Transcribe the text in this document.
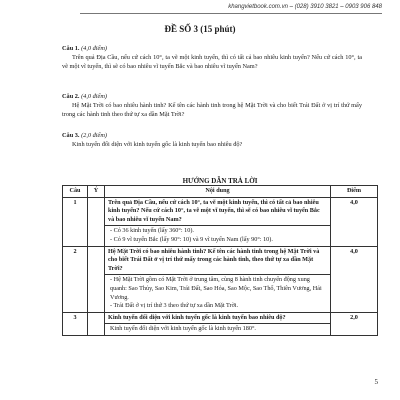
khangvietbook.com.vn – (028) 3910 3821 – 0903 906 848
ĐỀ SỐ 3 (15 phút)
Câu 1. (4,0 điểm)
Trên quả Địa Cầu, nếu cứ cách 10°, ta vẽ một kinh tuyến, thì có tất cả bao nhiêu kinh tuyến? Nếu cứ cách 10°, ta vẽ một vĩ tuyến, thì sẽ có bao nhiêu vĩ tuyến Bắc và bao nhiêu vĩ tuyến Nam?
Câu 2. (4,0 điểm)
Hệ Mặt Trời có bao nhiêu hành tinh? Kể tên các hành tinh trong hệ Mặt Trời và cho biết Trái Đất ở vị trí thứ mấy trong các hành tinh theo thứ tự xa dần Mặt Trời?
Câu 3. (2,0 điểm)
Kinh tuyến đối diện với kinh tuyến gốc là kinh tuyến bao nhiêu độ?
HƯỚNG DẪN TRẢ LỜI
Câu	Ý	Nội dung	Điểm
1		Trên quả Địa Cầu, nếu cứ cách 10°, ta vẽ một kinh tuyến, thì có tất cả bao nhiêu kinh tuyến? Nếu cứ cách 10°, ta vẽ một vĩ tuyến, thì sẽ có bao nhiêu vĩ tuyến Bắc và bao nhiêu vĩ tuyến Nam?	4,0

		- Có 36 kinh tuyến (lấy 360°: 10).
- Có 9 vĩ tuyến Bắc (lấy 90°: 10) và 9 vĩ tuyến Nam (lấy 90°: 10).	

2		Hệ Mặt Trời có bao nhiêu hành tinh? Kể tên các hành tinh trong hệ Mặt Trời và cho biết Trái Đất ở vị trí thứ mấy trong các hành tinh, theo thứ tự xa dần Mặt Trời?	4,0

		- Hệ Mặt Trời gồm có Mặt Trời ở trung tâm, cùng 8 hành tinh chuyển động xung quanh: Sao Thủy, Sao Kim, Trái Đất, Sao Hỏa, Sao Mộc, Sao Thổ, Thiên Vương, Hải Vương.
- Trái Đất ở vị trí thứ 3 theo thứ tự xa dần Mặt Trời.	

3		Kinh tuyến đối diện với kinh tuyến gốc là kinh tuyến bao nhiêu độ?	2,0

		Kinh tuyến đối diện với kinh tuyến gốc là kinh tuyến 180°.	
5
